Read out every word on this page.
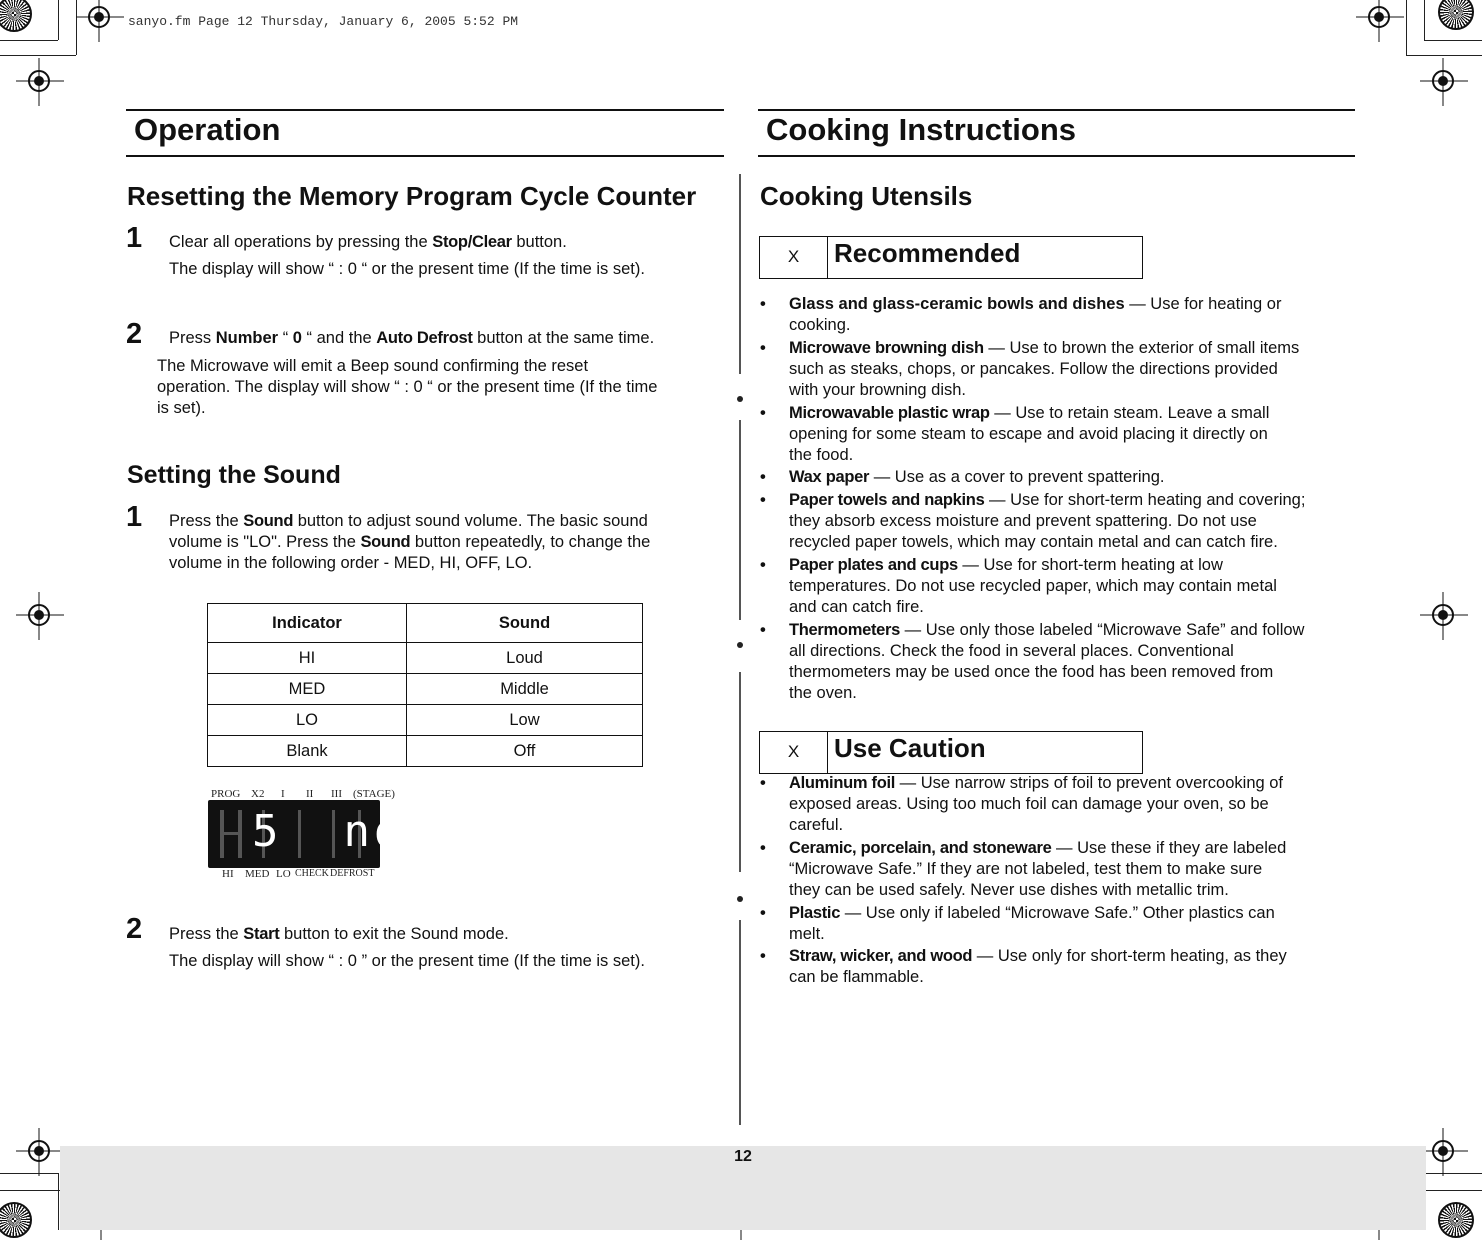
sanyo.fm Page 12 Thursday, January 6, 2005 5:52 PM
Operation
Resetting the Memory Program Cycle Counter
1 Clear all operations by pressing the Stop/Clear button.
The display will show “ : 0 “ or the present time (If the time is set).
2 Press Number “ 0 “ and the Auto Defrost button at the same time.
The Microwave will emit a Beep sound confirming the reset
operation. The display will show “ : 0 “ or the present time (If the time
is set).
Setting the Sound
1 Press the Sound button to adjust sound volume. The basic sound
volume is "LO". Press the Sound button repeatedly, to change the
volume in the following order - MED, HI, OFF, LO.
Indicator	Sound
HI	Loud
MED	Middle
LO	Low
Blank	Off
PROG X2 I II III (STAGE)
5  nd
HI MED LO CHECK DEFROST
2 Press the Start button to exit the Sound mode.
The display will show “ : 0 ” or the present time (If the time is set).
Cooking Instructions
Cooking Utensils
X	Recommended
• Glass and glass-ceramic bowls and dishes — Use for heating or
cooking.
• Microwave browning dish — Use to brown the exterior of small items
such as steaks, chops, or pancakes. Follow the directions provided
with your browning dish.
• Microwavable plastic wrap — Use to retain steam. Leave a small
opening for some steam to escape and avoid placing it directly on
the food.
• Wax paper — Use as a cover to prevent spattering.
• Paper towels and napkins — Use for short-term heating and covering;
they absorb excess moisture and prevent spattering. Do not use
recycled paper towels, which may contain metal and can catch fire.
• Paper plates and cups — Use for short-term heating at low
temperatures. Do not use recycled paper, which may contain metal
and can catch fire.
• Thermometers — Use only those labeled “Microwave Safe” and follow
all directions. Check the food in several places. Conventional
thermometers may be used once the food has been removed from
the oven.
X	Use Caution
• Aluminum foil — Use narrow strips of foil to prevent overcooking of
exposed areas. Using too much foil can damage your oven, so be
careful.
• Ceramic, porcelain, and stoneware — Use these if they are labeled
“Microwave Safe.” If they are not labeled, test them to make sure
they can be used safely. Never use dishes with metallic trim.
• Plastic — Use only if labeled “Microwave Safe.” Other plastics can
melt.
• Straw, wicker, and wood — Use only for short-term heating, as they
can be flammable.
12
